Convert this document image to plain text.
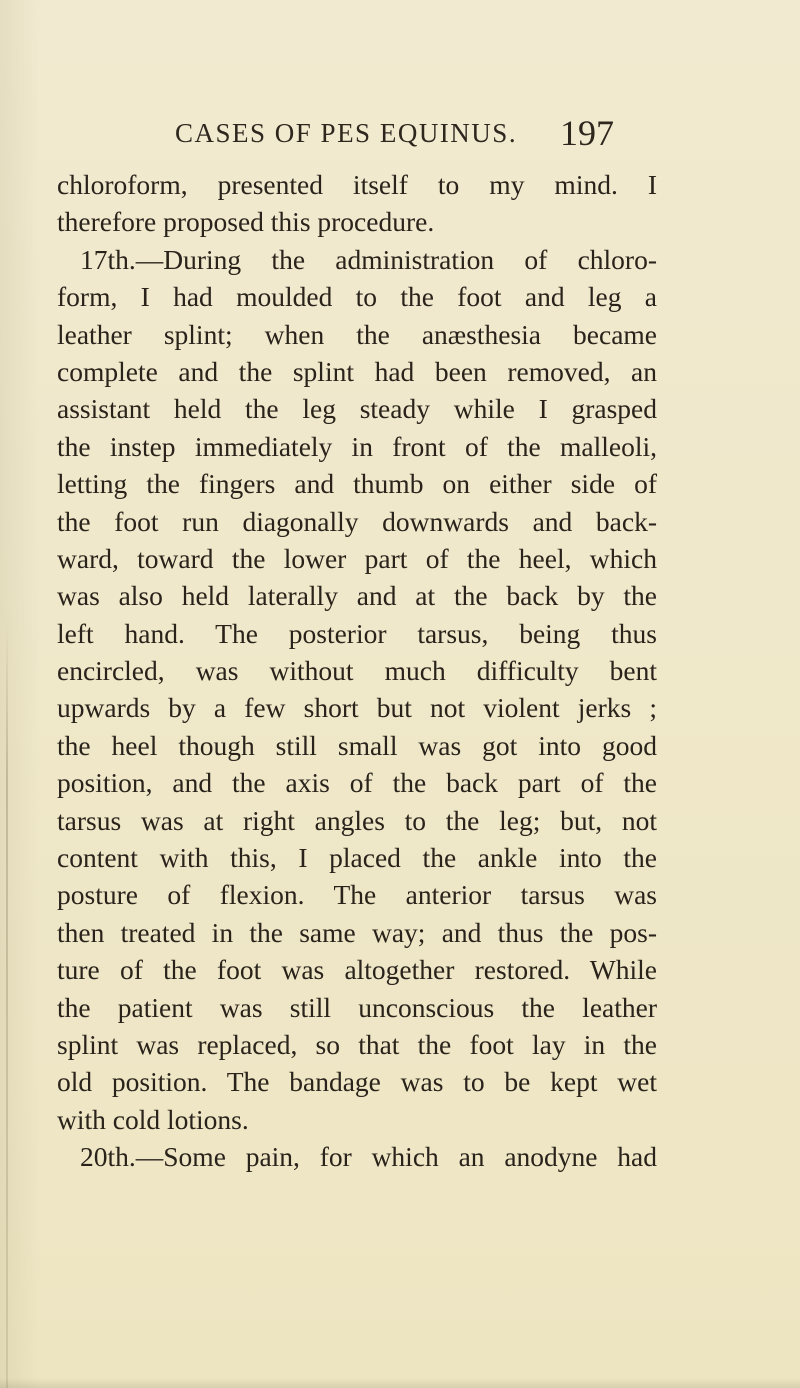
CASES OF PES EQUINUS. 197
chloroform, presented itself to my mind. I
therefore proposed this procedure.
17th.—During the administration of chloro-
form, I had moulded to the foot and leg a
leather splint; when the anæsthesia became
complete and the splint had been removed, an
assistant held the leg steady while I grasped
the instep immediately in front of the malleoli,
letting the fingers and thumb on either side of
the foot run diagonally downwards and back-
ward, toward the lower part of the heel, which
was also held laterally and at the back by the
left hand. The posterior tarsus, being thus
encircled, was without much difficulty bent
upwards by a few short but not violent jerks ;
the heel though still small was got into good
position, and the axis of the back part of the
tarsus was at right angles to the leg; but, not
content with this, I placed the ankle into the
posture of flexion. The anterior tarsus was
then treated in the same way; and thus the pos-
ture of the foot was altogether restored. While
the patient was still unconscious the leather
splint was replaced, so that the foot lay in the
old position. The bandage was to be kept wet
with cold lotions.
20th.—Some pain, for which an anodyne had
